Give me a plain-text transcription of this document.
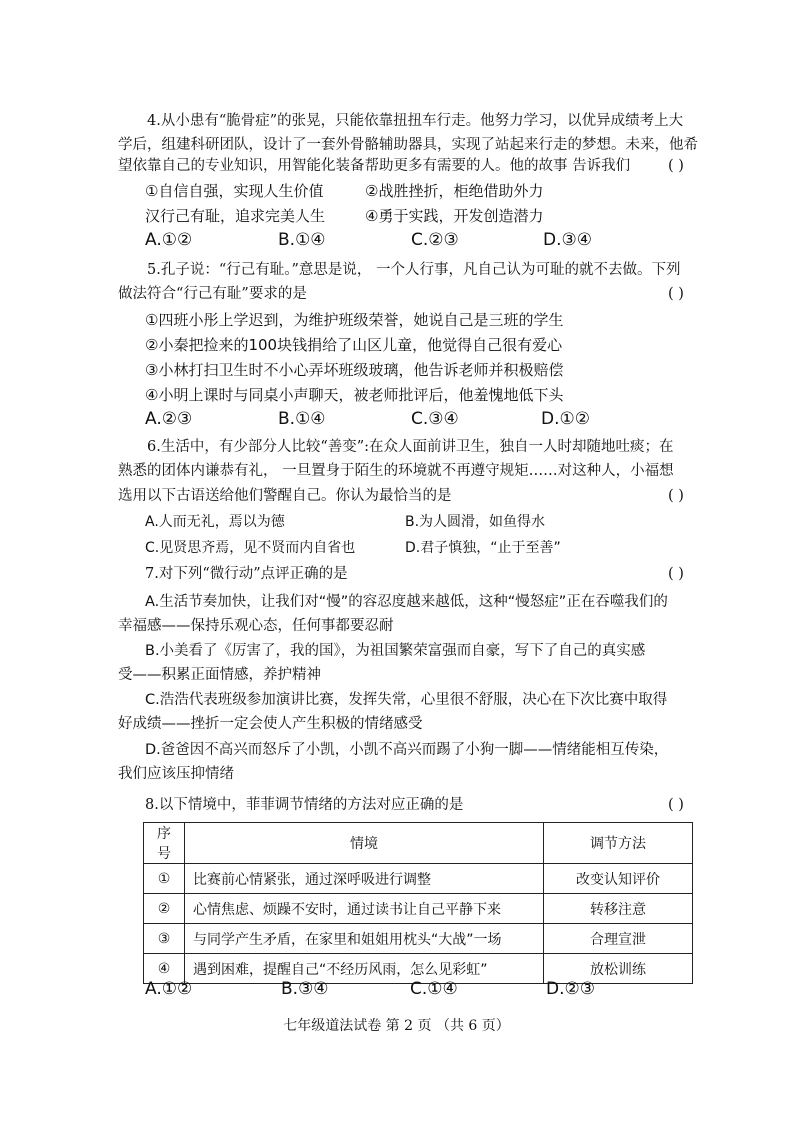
4.从小患有“脆骨症”的张晃，只能依靠扭扭车行走。他努力学习，以优异成绩考上大
学后，组建科研团队，设计了一套外骨骼辅助器具，实现了站起来行走的梦想。未来，他希
望依靠自己的专业知识，用智能化装备帮助更多有需要的人。他的故事 告诉我们	( )
①自信自强，实现人生价值	②战胜挫折，柜绝借助外力
汉行己有耻，追求完美人生	④勇于实践，开发创造潜力
A.①②	B.①④	C.②③	D.③④
5.孔子说：“行己有耻。”意思是说， 一个人行事，凡自己认为可耻的就不去做。下列
做法符合“行己有耻”要求的是	( )
①四班小彤上学迟到，为维护班级荣誉，她说自己是三班的学生
②小秦把捡来的100块钱捐给了山区儿童，他觉得自己很有爱心
③小林打扫卫生时不小心弄坏班级玻璃，他告诉老师并积极赔偿
④小明上课时与同桌小声聊天，被老师批评后，他羞愧地低下头
A.②③	B.①④	C.③④	D.①②
6.生活中，有少部分人比较“善变”:在众人面前讲卫生，独自一人时却随地吐痰；在
熟悉的团体内谦恭有礼， 一旦置身于陌生的环境就不再遵守规矩……对这种人，小福想
选用以下古语送给他们警醒自己。你认为最恰当的是	( )
A.人而无礼，焉以为德	B.为人圆滑，如鱼得水
C.见贤思齐焉，见不贤而内自省也	D.君子慎独，“止于至善”
7.对下列“微行动”点评正确的是	( )
A.生活节奏加快，让我们对“慢”的容忍度越来越低，这种“慢怒症”正在吞噬我们的
幸福感——保持乐观心态，任何事都要忍耐
B.小美看了《厉害了，我的国》，为祖国繁荣富强而自豪，写下了自己的真实感
受——积累正面情感，养护精神
C.浩浩代表班级参加演讲比赛，发挥失常，心里很不舒服，决心在下次比赛中取得
好成绩——挫折一定会使人产生积极的情绪感受
D.爸爸因不高兴而怒斥了小凯，小凯不高兴而踢了小狗一脚——情绪能相互传染，
我们应该压抑情绪
8.以下情境中，菲菲调节情绪的方法对应正确的是	( )
序号	情境	调节方法
①	比赛前心情紧张，通过深呼吸进行调整	改变认知评价
②	心情焦虑、烦躁不安时，通过读书让自己平静下来	转移注意
③	与同学产生矛盾，在家里和姐姐用枕头“大战”一场	合理宣泄
④	遇到困难，提醒自己“不经历风雨，怎么见彩虹”	放松训练
A.①②	B.③④	C.①④	D.②③
七年级道法试卷 第 2 页 （共 6 页）
